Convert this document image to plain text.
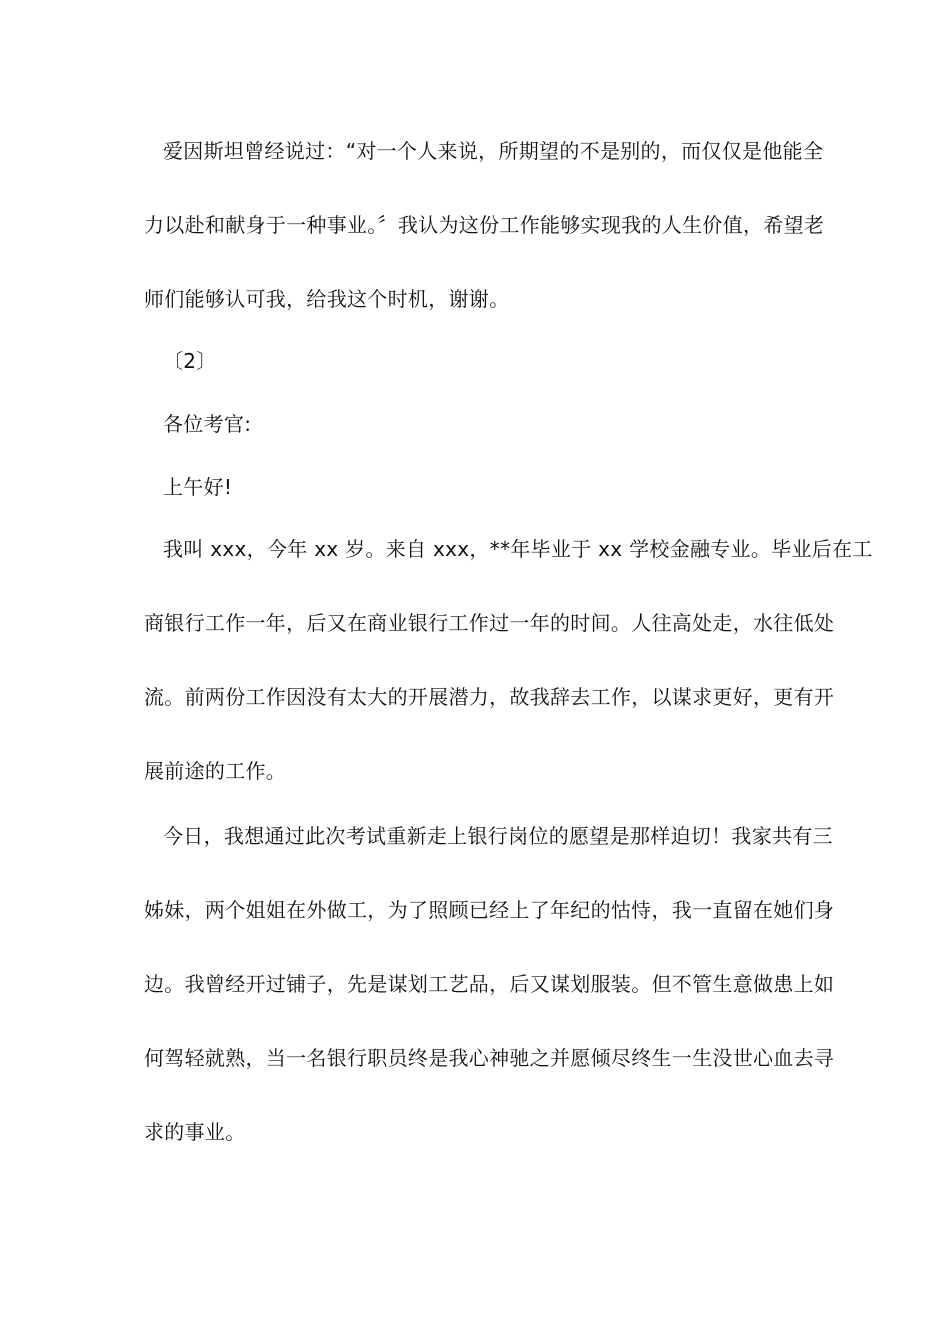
爱因斯坦曾经说过：“对一个人来说，所期望的不是别的，而仅仅是他能全
力以赴和献身于一种事业。〞我认为这份工作能够实现我的人生价值，希望老
师们能够认可我，给我这个时机，谢谢。
〔2〕
各位考官:
上午好!
我叫 xxx，今年 xx 岁。来自 xxx，**年毕业于 xx 学校金融专业。毕业后在工
商银行工作一年，后又在商业银行工作过一年的时间。人往高处走，水往低处
流。前两份工作因没有太大的开展潜力，故我辞去工作，以谋求更好，更有开
展前途的工作。
今日，我想通过此次考试重新走上银行岗位的愿望是那样迫切！我家共有三
姊妹，两个姐姐在外做工，为了照顾已经上了年纪的怙恃，我一直留在她们身
边。我曾经开过铺子，先是谋划工艺品，后又谋划服装。但不管生意做患上如
何驾轻就熟，当一名银行职员终是我心神驰之并愿倾尽终生一生没世心血去寻
求的事业。
